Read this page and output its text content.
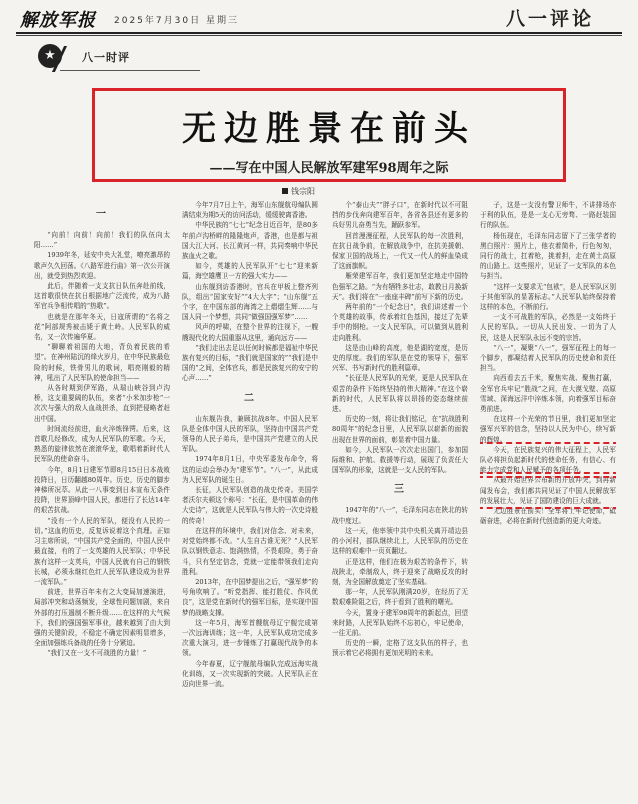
解放军报 2025年7月30日 星期三	八一评论
★	八一时评
无边胜景在前头
——写在中国人民解放军建军98周年之际
钱宗阳
一

“向前！向前！向前！我们的队伍向太阳……”

1939年冬，延安中央大礼堂，嘹亮激昂的歌声久久回荡。《八路军进行曲》第一次公开演出，就受到热烈欢迎。

此后，伴随着一支支抗日队伍奔赴前线，这首歌很快在抗日根据地广泛流传，成为八路军官兵争相传唱的“热歌”。

也就是在那年冬天，日寇所谓的“名将之花”阿部规秀被击毙于黄土岭。人民军队的威名，又一次传遍华夏。

“聊聊着祖国的大地，背负着民族的希望”。在神州陆沉的烽火岁月，在中华民族最危险的时候，铁骨男儿的歌词，唱亮刚毅的精神，吼出了人民军队的使命担当——

从各时期到伊军路，从瑞山峡谷到卢沟桥，这支重要阔的队伍，来者“小米加步枪”一次次与强大的敌人血战拼杀，直到把侵略者赶出中国。

时间流经前进，血火淬炼锋锷。后来，这首歌几经修改，成为人民军队的军歌。今天，熟悉的旋律依然在滚滚华龙，歌唱着新时代人民军队的使命奋斗。

今年，8月1日建军节即8月15日日本战败投降日，日历翻越80周年。历史，历史的脚步神梯所况萃。从此一八事变到日本宣布无条件投降，世界顶峰中国人民，都进行了长达14年的艰苦抗战。

“没有一个人民的军队，便没有人民的一切。”这血的历史，反复诉说着这个真理。正如习主席所说，“中国共产党全面的，中国人民中最直接，有的了一支英雄的人民军队；中华民族有这样一支英兵，中国人民就有自己的钢铁长城，必须永继红色红人民军队建设成为世界一流军队。”

前进，世界百年未有之大变局加速演进，局部冲突和动荡频发，全球性问题加剧，来自外部的打压遏制不断升级……在这样的大气候下，我们的强国强军事业，越来越到了由大到强的关键阶段，不稳定不确定因素明显增多，全面加强练兵备战的任务十分紧迫。

“我们又在一支不可战胜的力量！”

今年7月7日上午，海军山东舰航母编队圆满结束为期5天的访问活动，缓缓驶离香港。

中华民族的“七七”纪念日近百年，是80多年前卢沟桥畔的隆隆炮声，香港，也是都与祖国大江大河、长江黄河一样，共同奏响中华民族血火之歌。

如今，英雄的人民军队开“七七”迎来新篇，海空雄鹰卫一方的强大实力——

山东舰到访香港时，官兵在甲板上整齐列队，组出“国家安好”“4大大字”；“山东舰”五个字，在中国东部的海湾之上熠熠生辉……与国人同一个梦想，共同“做强国强军梦”……

风声的呼啸，在整个世界的注视下，一艘艘现代化的大国重器从这里，通向远方——

“我们走出去足以任何时候都是福祉中华民族有复兴的目标，“我们就是国家的”“我们是中国的”之间，全体官兵，都是民族复兴的安宁的心声……”

二

山东舰告我，兼顾抗战8年。中国人民军队是全体中国人民的军队，坚持由中国共产党领导的人民子弟兵，是中国共产党建立的人民军队。

1974年8月1日，中央军委发布命令，将这的运动会举办为“建军节”。“八一”，从此成为人民军队的诞生日。

长征，人民军队创造的战史传奇。美国学者沃尔夫顿这个称号：“长征，是中国革命的伟大史诗”，这就是人民军队与伟大的一次史诗般的传奇！

在这样的环境中，我们对信念、对未来，对党始终都不改。“人生自古谁无死？”人民军队以钢铁意志、饱满热情，不畏艰险，勇于奋斗，只有坚定信念，党就一定能带领我们走向胜利。

2013年，在中国梦提出之后，“强军梦”的号角吹响了。“听党指挥、能打胜仗、作风优良”，这是党在新时代的强军目标，是实现中国梦的战略支撑。

这一年5月，海军首艘航母辽宁舰完成第一次远海训练；这一年，人民军队成功完成多次重大演习，进一步锤炼了打赢现代战争的本领。

今年春夏，辽宁舰航母编队完成远海实战化训练，又一次实现新的突破。人民军队正在迈向世界一流。

个“泰山夫”“胖子口”，在新时代以不可阻挡的步伐奔向建军百年，各省各县还有更多的兵好男儿奋勇当先，踊跃参军。

回首漫漫征程，人民军队的每一次胜利，在抗日战争前，在解放战争中，在抗美援朝、保家卫国的战场上，一代又一代人的鲜血染成了这面旗帜。

雁荣建军百年，我们更加坚定地走中国特色强军之路。“为有牺牲多壮志，敢教日月换新天”。我们将在“一座座丰碑”前写下新的历史。

两年前的“一个纪念日”，我们讲述着一个个英雄的故事，传承着红色基因，接过了先辈手中的钢枪。一支人民军队，可以做到从胜利走向胜利。

这是由山峰的高度，他是湖的宽度，是历史的厚度。我们的军队是在党的领导下，强军兴军、书写新时代的胜利篇章。

“长征是人民军队的光荣，更是人民军队在艰苦的条件下始终坚持的伟大精神。”在这个崭新的时代，人民军队将以昂扬的姿态继续前进。

历史的一刻，将让我们铭记，在“抗战胜利80周年”的纪念日里，人民军队以崭新的面貌出现在世界的面前，彰显着中国力量。

如今，人民军队一次次走出国门，参加国际维和、护航、救援等行动，展现了负责任大国军队的形象，这就是一支人民的军队。

三

1947年的“八一”，毛泽东同志在陕北的转战中度过。

这一天，他率领中共中央机关离开靖边县的小河村，部队继续北上，人民军队的历史在这样的艰难中一页页翻过。

正是这样，他们在极为艰苦的条件下，转战陕北，牵制敌人，终于迎来了战略反攻的时刻，为全国解放奠定了坚实基础。

那一年，人民军队刚满20岁，在经历了无数艰难险阻之后，终于看到了胜利的曙光。

今天，置身于建军98周年的新起点，回望来时路，人民军队始终不忘初心，牢记使命，一往无前。

历史的一瞬，定格了这支队伍的样子，也预示着它必将拥有更加光明的未来。

子，这是一支没有警卫师牛，不讲排场亦于利的队伍，是是一支心无旁骛、一路赶装国行的队伍。

杨伍现在，毛泽东同志留下了三张学者的黑白照片：照片上，他衣着简朴，行色匆匆，同行的战士，扛着枪，挑着担，走在黄土高原的山路上。这些照片，见证了一支军队的本色与担当。

“这样一支要求无“包袱”，是人民军队区别于其他军队的显著标志。”人民军队始终保持着这样的本色，不断前行。

一支不可战胜的军队，必然是一支始终于人民的军队。一切从人民出发、一切为了人民，这是人民军队永远不变的宗旨。

“八一”，凝聚“八一”，强军征程上的每一个脚步，都凝结着人民军队的历史使命和责任担当。

向西看去五千米，聚焦实战、聚焦打赢，全军官兵牢记“胜战”之问，在大漠戈壁、高原雪域、深海远洋中淬炼本领，向着强军目标奋勇前进。

在这样一个光荣的节日里，我们更加坚定强军兴军的信念，坚持以人民为中心，续写新的辉煌。

今天，在民族复兴的伟大征程上，人民军队必将担负起新时代的使命任务，有信心、有能力完成党和人民赋予的各项任务。

从最开始世界公布新的开放冲突，到再新闻发布会，我们都共同见证了中国人民解放军的发展壮大，见证了国防建设的巨大成就。

无边胜景在前头！全军将士牢记使命，砥砺奋进，必将在新时代创造新的更大奇迹。
